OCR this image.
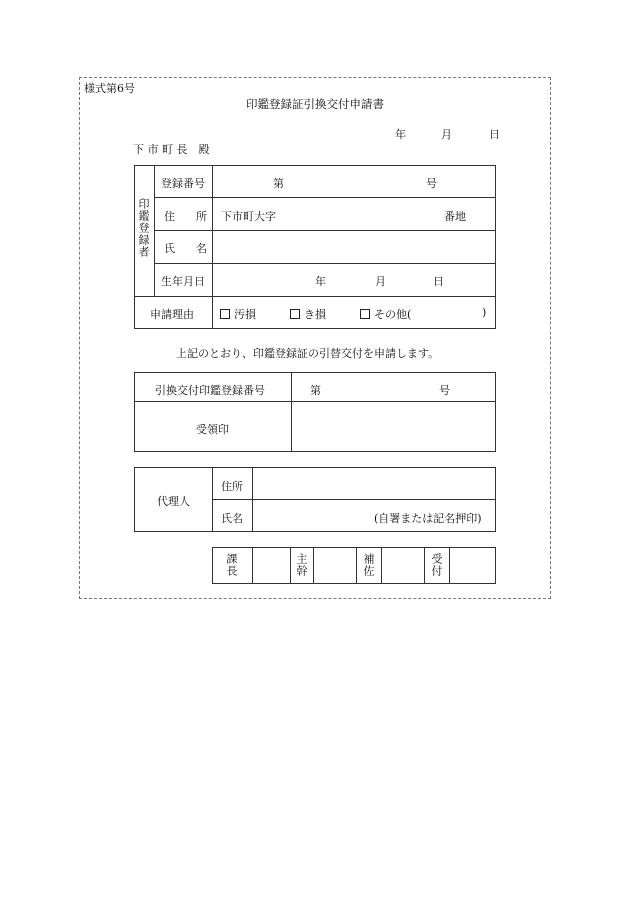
様式第6号
印鑑登録証引換交付申請書
年	月	日
下 市 町 長　殿
印鑑登録者
登録番号	第	号
住 所 下市町大字	番地
氏 名
生年月日	年	月	日
申請理由	汚損	き損	その他(	)
上記のとおり、印鑑登録証の引替交付を申請します。
引換交付印鑑登録番号	第	号
受領印
代理人
住所
氏名	(自署または記名押印)
課長	主幹	補佐	受付
